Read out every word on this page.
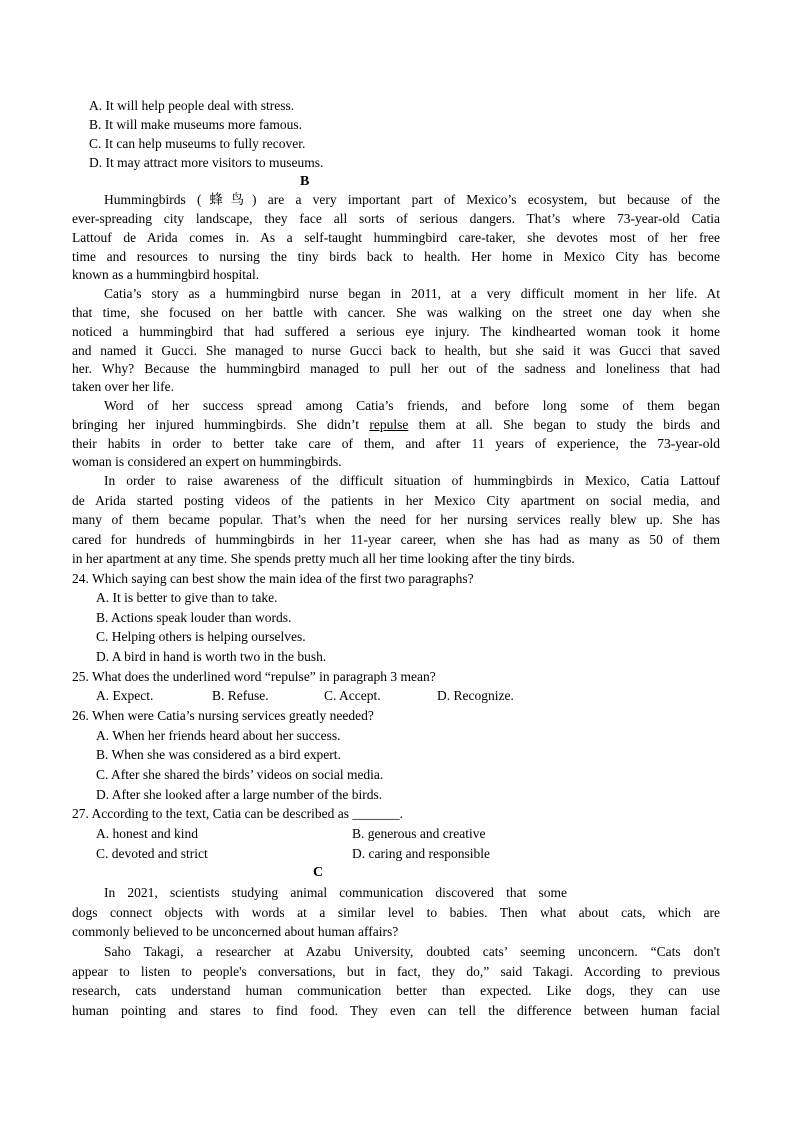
A. It will help people deal with stress.
B. It will make museums more famous.
C. It can help museums to fully recover.
D. It may attract more visitors to museums.
B
Hummingbirds (蜂鸟) are a very important part of Mexico’s ecosystem, but because of the
ever-spreading city landscape, they face all sorts of serious dangers. That’s where 73-year-old Catia
Lattouf de Arida comes in. As a self-taught hummingbird care-taker, she devotes most of her free
time and resources to nursing the tiny birds back to health. Her home in Mexico City has become
known as a hummingbird hospital.
Catia’s story as a hummingbird nurse began in 2011, at a very difficult moment in her life. At
that time, she focused on her battle with cancer. She was walking on the street one day when she
noticed a hummingbird that had suffered a serious eye injury. The kindhearted woman took it home
and named it Gucci. She managed to nurse Gucci back to health, but she said it was Gucci that saved
her. Why? Because the hummingbird managed to pull her out of the sadness and loneliness that had
taken over her life.
Word of her success spread among Catia’s friends, and before long some of them began
bringing her injured hummingbirds. She didn’t repulse them at all. She began to study the birds and
their habits in order to better take care of them, and after 11 years of experience, the 73-year-old
woman is considered an expert on hummingbirds.
In order to raise awareness of the difficult situation of hummingbirds in Mexico, Catia Lattouf
de Arida started posting videos of the patients in her Mexico City apartment on social media, and
many of them became popular. That’s when the need for her nursing services really blew up. She has
cared for hundreds of hummingbirds in her 11-year career, when she has had as many as 50 of them
in her apartment at any time. She spends pretty much all her time looking after the tiny birds.
24. Which saying can best show the main idea of the first two paragraphs?
A. It is better to give than to take.
B. Actions speak louder than words.
C. Helping others is helping ourselves.
D. A bird in hand is worth two in the bush.
25. What does the underlined word “repulse” in paragraph 3 mean?
A. Expect.	B. Refuse.	C. Accept.	D. Recognize.
26. When were Catia’s nursing services greatly needed?
A. When her friends heard about her success.
B. When she was considered as a bird expert.
C. After she shared the birds’ videos on social media.
D. After she looked after a large number of the birds.
27. According to the text, Catia can be described as _______.
A. honest and kind	B. generous and creative
C. devoted and strict	D. caring and responsible
C
In 2021, scientists studying animal communication discovered that some
dogs connect objects with words at a similar level to babies. Then what about cats, which are
commonly believed to be unconcerned about human affairs?
Saho Takagi, a researcher at Azabu University, doubted cats’ seeming unconcern. “Cats don't
appear to listen to people's conversations, but in fact, they do,” said Takagi. According to previous
research, cats understand human communication better than expected. Like dogs, they can use
human pointing and stares to find food. They even can tell the difference between human facial
